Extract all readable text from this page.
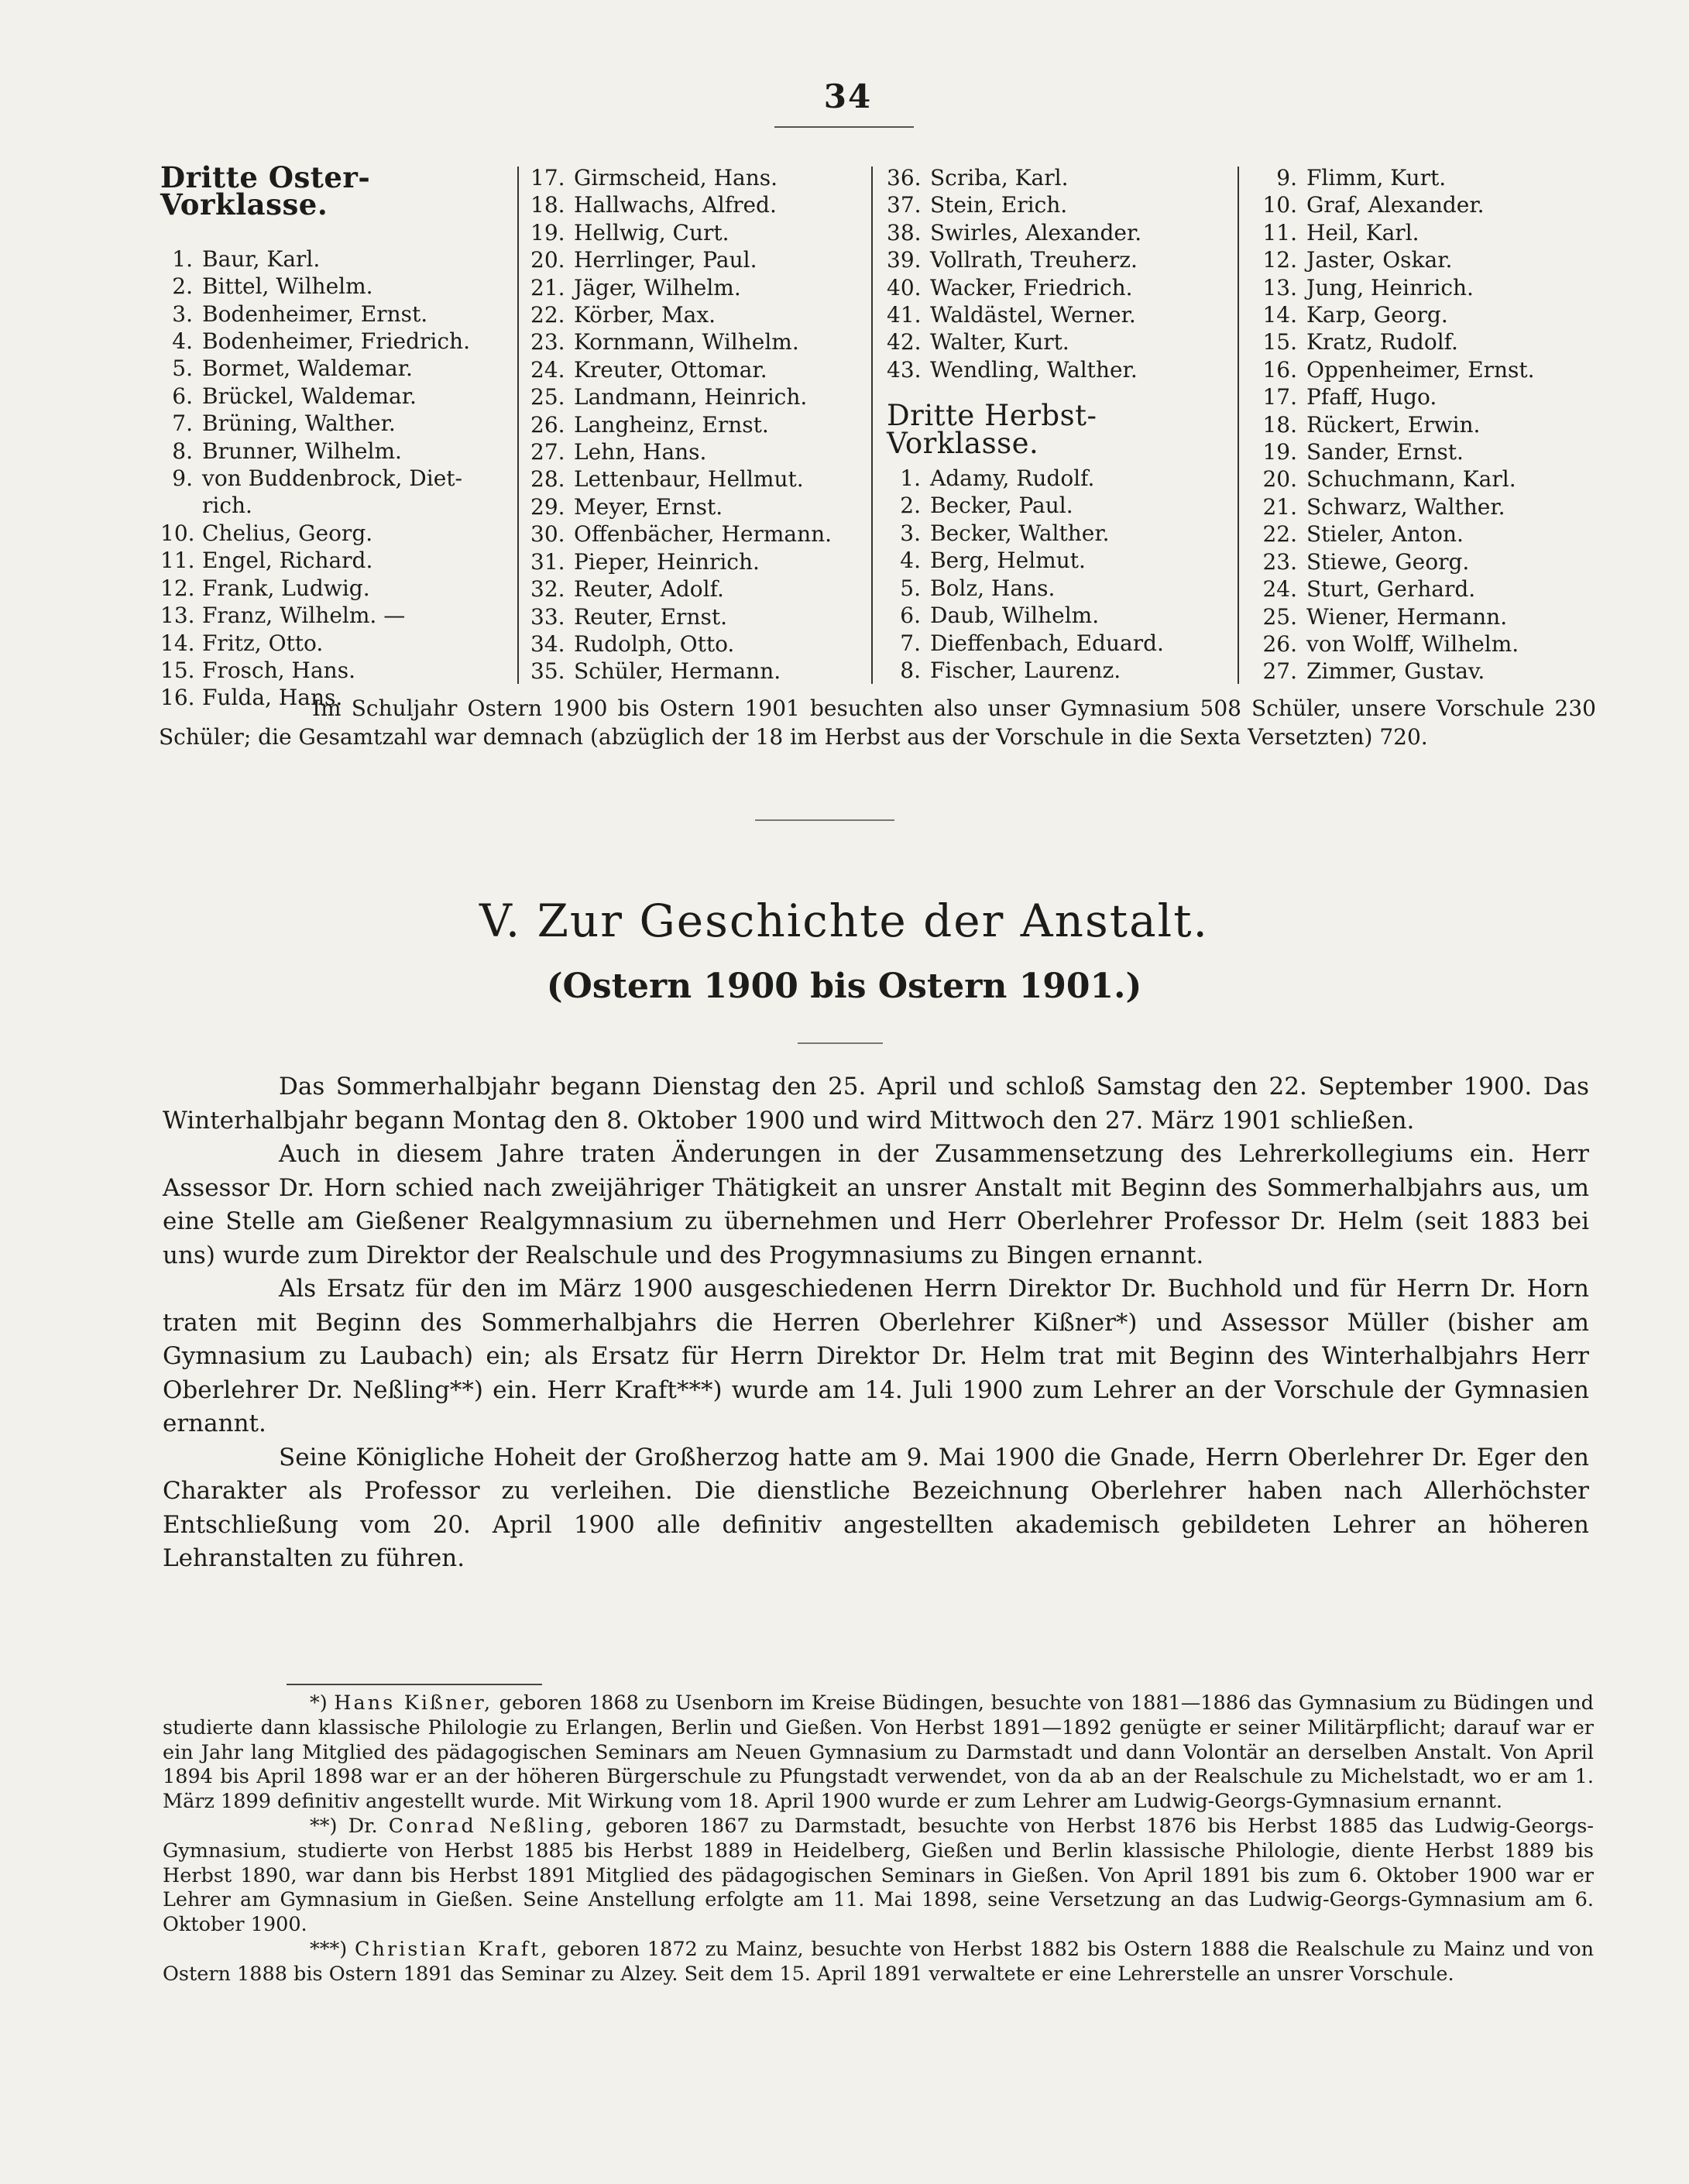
34
Dritte Oster-Vorklasse.
1. Baur, Karl.
2. Bittel, Wilhelm.
3. Bodenheimer, Ernst.
4. Bodenheimer, Friedrich.
5. Bormet, Waldemar.
6. Brückel, Waldemar.
7. Brüning, Walther.
8. Brunner, Wilhelm.
9. von Buddenbrock, Diet-
rich.
10. Chelius, Georg.
11. Engel, Richard.
12. Frank, Ludwig.
13. Franz, Wilhelm. —
14. Fritz, Otto.
15. Frosch, Hans.
16. Fulda, Hans.
17. Girmscheid, Hans.
18. Hallwachs, Alfred.
19. Hellwig, Curt.
20. Herrlinger, Paul.
21. Jäger, Wilhelm.
22. Körber, Max.
23. Kornmann, Wilhelm.
24. Kreuter, Ottomar.
25. Landmann, Heinrich.
26. Langheinz, Ernst.
27. Lehn, Hans.
28. Lettenbaur, Hellmut.
29. Meyer, Ernst.
30. Offenbächer, Hermann.
31. Pieper, Heinrich.
32. Reuter, Adolf.
33. Reuter, Ernst.
34. Rudolph, Otto.
35. Schüler, Hermann.
36. Scriba, Karl.
37. Stein, Erich.
38. Swirles, Alexander.
39. Vollrath, Treuherz.
40. Wacker, Friedrich.
41. Waldästel, Werner.
42. Walter, Kurt.
43. Wendling, Walther.
Dritte Herbst-Vorklasse.
1. Adamy, Rudolf.
2. Becker, Paul.
3. Becker, Walther.
4. Berg, Helmut.
5. Bolz, Hans.
6. Daub, Wilhelm.
7. Dieffenbach, Eduard.
8. Fischer, Laurenz.
9. Flimm, Kurt.
10. Graf, Alexander.
11. Heil, Karl.
12. Jaster, Oskar.
13. Jung, Heinrich.
14. Karp, Georg.
15. Kratz, Rudolf.
16. Oppenheimer, Ernst.
17. Pfaff, Hugo.
18. Rückert, Erwin.
19. Sander, Ernst.
20. Schuchmann, Karl.
21. Schwarz, Walther.
22. Stieler, Anton.
23. Stiewe, Georg.
24. Sturt, Gerhard.
25. Wiener, Hermann.
26. von Wolff, Wilhelm.
27. Zimmer, Gustav.
Im Schuljahr Ostern 1900 bis Ostern 1901 besuchten also unser Gymnasium 508 Schüler, unsere Vorschule 230 Schüler; die Gesamtzahl war demnach (abzüglich der 18 im Herbst aus der Vorschule in die Sexta Versetzten) 720.
V. Zur Geschichte der Anstalt.
(Ostern 1900 bis Ostern 1901.)

Das Sommerhalbjahr begann Dienstag den 25. April und schloß Samstag den 22. September 1900. Das Winterhalbjahr begann Montag den 8. Oktober 1900 und wird Mittwoch den 27. März 1901 schließen.

Auch in diesem Jahre traten Änderungen in der Zusammensetzung des Lehrerkollegiums ein. Herr Assessor Dr. Horn schied nach zweijähriger Thätigkeit an unsrer Anstalt mit Beginn des Sommerhalbjahrs aus, um eine Stelle am Gießener Realgymnasium zu übernehmen und Herr Oberlehrer Professor Dr. Helm (seit 1883 bei uns) wurde zum Direktor der Realschule und des Progymnasiums zu Bingen ernannt.

Als Ersatz für den im März 1900 ausgeschiedenen Herrn Direktor Dr. Buchhold und für Herrn Dr. Horn traten mit Beginn des Sommerhalbjahrs die Herren Oberlehrer Kißner*) und Assessor Müller (bisher am Gymnasium zu Laubach) ein; als Ersatz für Herrn Direktor Dr. Helm trat mit Beginn des Winterhalbjahrs Herr Oberlehrer Dr. Neßling**) ein. Herr Kraft***) wurde am 14. Juli 1900 zum Lehrer an der Vorschule der Gymnasien ernannt.

Seine Königliche Hoheit der Großherzog hatte am 9. Mai 1900 die Gnade, Herrn Oberlehrer Dr. Eger den Charakter als Professor zu verleihen. Die dienstliche Bezeichnung Oberlehrer haben nach Allerhöchster Entschließung vom 20. April 1900 alle definitiv angestellten akademisch gebildeten Lehrer an höheren Lehranstalten zu führen.

*) Hans Kißner, geboren 1868 zu Usenborn im Kreise Büdingen, besuchte von 1881—1886 das Gymnasium zu Büdingen und studierte dann klassische Philologie zu Erlangen, Berlin und Gießen. Von Herbst 1891—1892 genügte er seiner Militärpflicht; darauf war er ein Jahr lang Mitglied des pädagogischen Seminars am Neuen Gymnasium zu Darmstadt und dann Volontär an derselben Anstalt. Von April 1894 bis April 1898 war er an der höheren Bürgerschule zu Pfungstadt verwendet, von da ab an der Realschule zu Michelstadt, wo er am 1. März 1899 definitiv angestellt wurde. Mit Wirkung vom 18. April 1900 wurde er zum Lehrer am Ludwig-Georgs-Gymnasium ernannt.

**) Dr. Conrad Neßling, geboren 1867 zu Darmstadt, besuchte von Herbst 1876 bis Herbst 1885 das Ludwig-Georgs-Gymnasium, studierte von Herbst 1885 bis Herbst 1889 in Heidelberg, Gießen und Berlin klassische Philologie, diente Herbst 1889 bis Herbst 1890, war dann bis Herbst 1891 Mitglied des pädagogischen Seminars in Gießen. Von April 1891 bis zum 6. Oktober 1900 war er Lehrer am Gymnasium in Gießen. Seine Anstellung erfolgte am 11. Mai 1898, seine Versetzung an das Ludwig-Georgs-Gymnasium am 6. Oktober 1900.

***) Christian Kraft, geboren 1872 zu Mainz, besuchte von Herbst 1882 bis Ostern 1888 die Realschule zu Mainz und von Ostern 1888 bis Ostern 1891 das Seminar zu Alzey. Seit dem 15. April 1891 verwaltete er eine Lehrerstelle an unsrer Vorschule.
